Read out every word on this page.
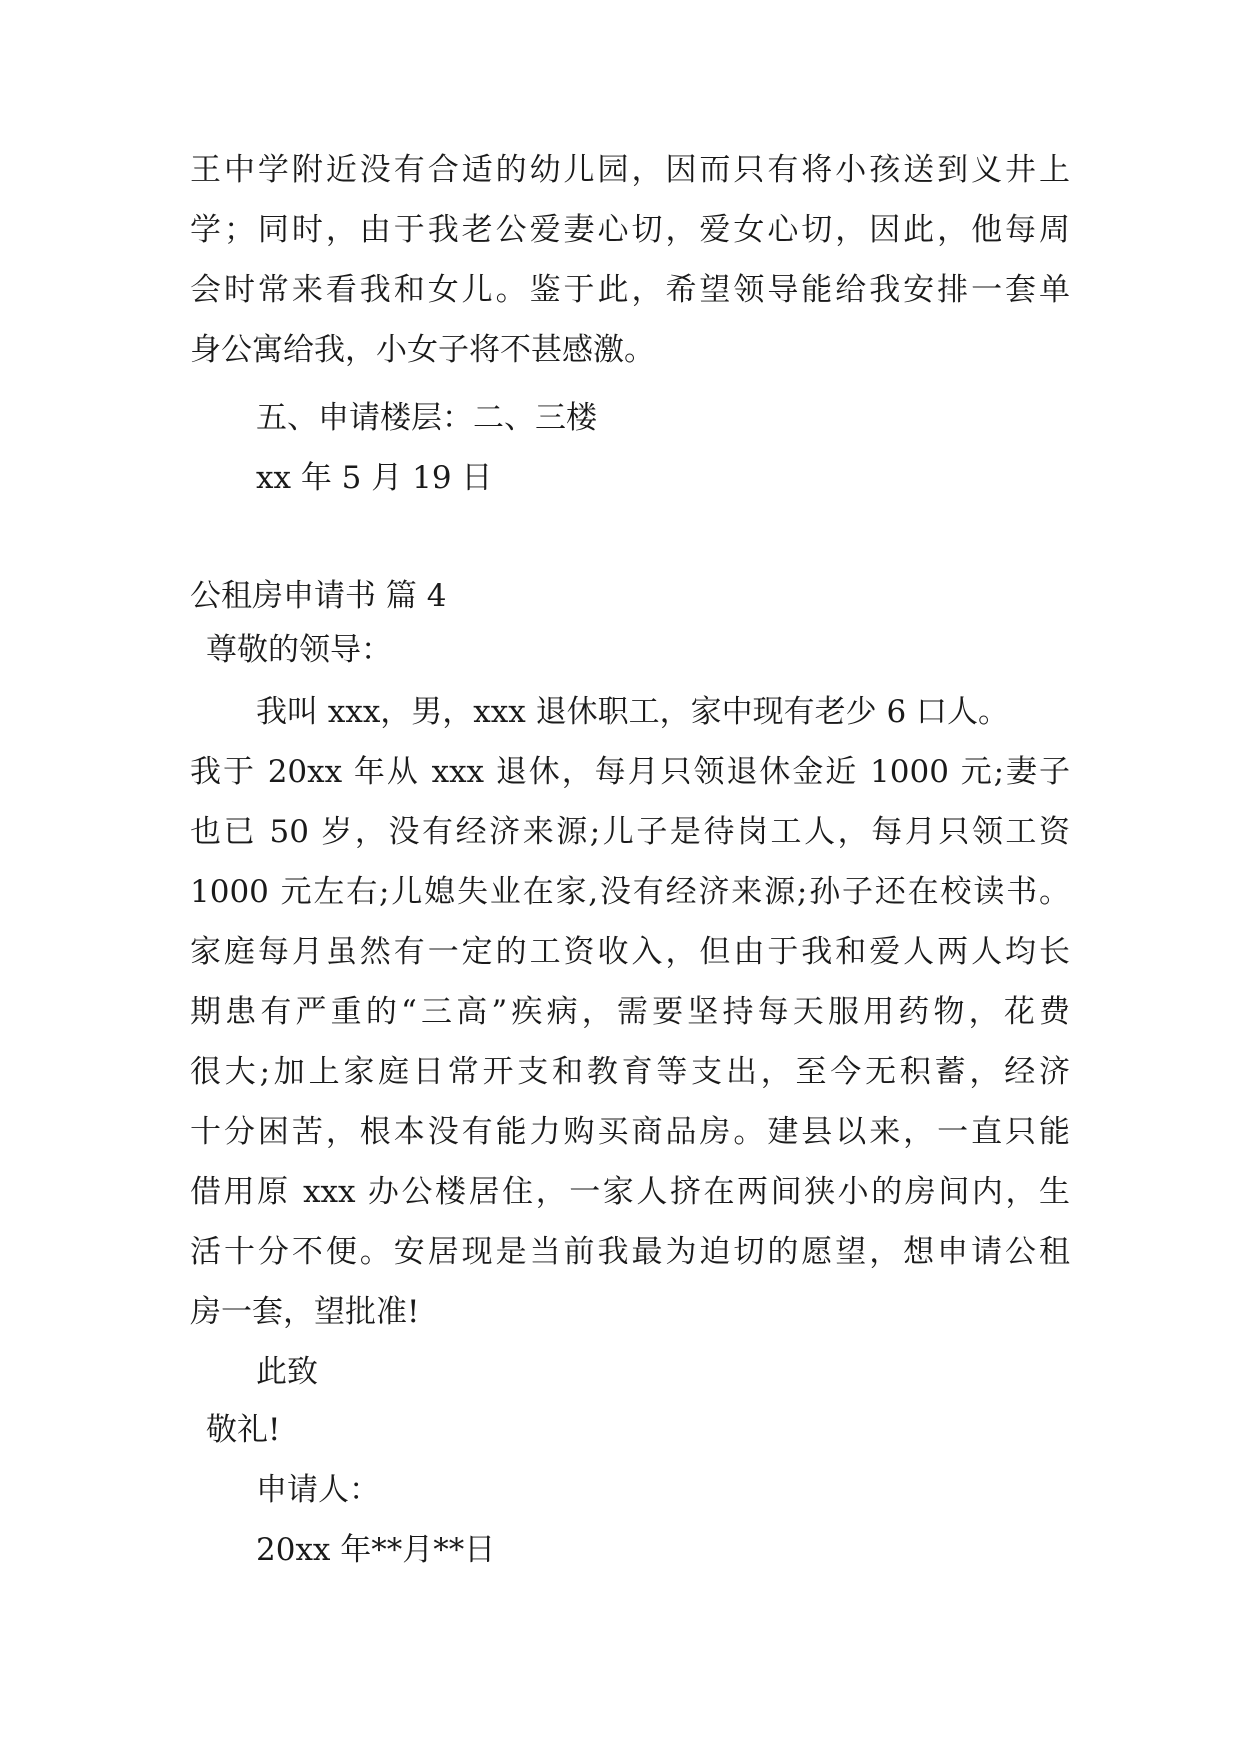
王中学附近没有合适的幼儿园，因而只有将小孩送到义井上
学；同时，由于我老公爱妻心切，爱女心切，因此，他每周
会时常来看我和女儿。鉴于此，希望领导能给我安排一套单
身公寓给我，小女子将不甚感激。
五、申请楼层：二、三楼
xx 年 5 月 19 日
公租房申请书 篇 4
尊敬的领导：
我叫 xxx，男，xxx 退休职工，家中现有老少 6 口人。
我于 20xx 年从 xxx 退休，每月只领退休金近 1000 元;妻子
也已 50 岁，没有经济来源;儿子是待岗工人，每月只领工资
1000 元左右;儿媳失业在家,没有经济来源;孙子还在校读书。
家庭每月虽然有一定的工资收入，但由于我和爱人两人均长
期患有严重的“三高”疾病，需要坚持每天服用药物，花费
很大;加上家庭日常开支和教育等支出，至今无积蓄，经济
十分困苦，根本没有能力购买商品房。建县以来，一直只能
借用原 xxx 办公楼居住，一家人挤在两间狭小的房间内，生
活十分不便。安居现是当前我最为迫切的愿望，想申请公租
房一套，望批准!
此致
敬礼!
申请人：
20xx 年**月**日
